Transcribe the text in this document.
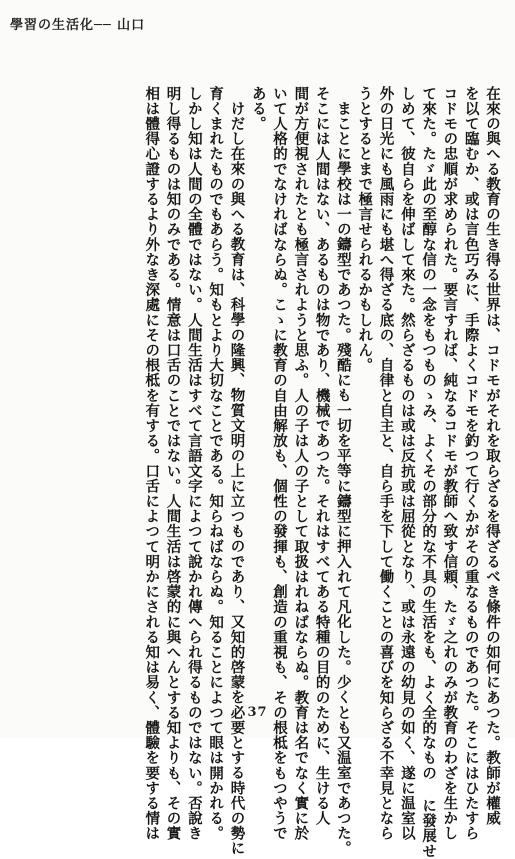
學習の生活化── 山口
在來の與へる教育の生き得る世界は、コドモがそれを取らざるを得ざるべき條件の如何にあつた。教師が權威
を以て臨むか、或は言色巧みに、手際よくコドモを釣つて行くかがその重なるものであつた。そこにはひたすら
コドモの忠順が求められた。要言すれば、純なるコドモが教師へ致す信頼、たゞ之れのみが教育のわざを生かし
て來た。たゞ此の至醇な信の一念をもつものゝみ、よくその部分的な不具の生活をも、よく全的なもの に發展せ
しめて、彼自らを伸ばして來た。然らざるものは或は反抗或は屈從となり、或は永遠の幼見の如く、遂に温室以
外の日光にも風雨にも堪へ得ざる底の、自律と自主と、自ら手を下して働くことの喜びを知らざる不幸見となら
うとするとまで極言せられるかもしれん。
まことに學校は一の鑄型であつた。殘酷にも一切を平等に鑄型に押入れて凡化した。少くとも又温室であつた。
そこには人間はない、あるものは物であり、機械であつた。それはすべてある特種の目的のために、生ける人
間が方便視されたとも極言されようと思ふ。人の子は人の子として取扱はれねばならぬ。教育は名でなく實に於
いて人格的でなければならぬ。こゝに教育の自由解放も、個性の發揮も、創造の重視も、その根柢をもつやうで
ある。
けだし在來の與へる教育は、科學の隆興、物質文明の上に立つものであり、又知的啓蒙を必要とする時代の勢に
育くまれたものでもあらう。知もとより大切なことである。知らねばならぬ。知ることによつて眼は開かれる。
しかし知は人間の全體ではない。人間生活はすべて言語文字によつて說かれ傳へられ得るものではない。否說き
明し得るものは知のみである。情意は口舌のことではない。人間生活は啓蒙的に與へんとする知よりも、その實
相は體得心證するより外なき深處にその根柢を有する。口舌によつて明かにされる知は易く、體驗を要する情は	37
